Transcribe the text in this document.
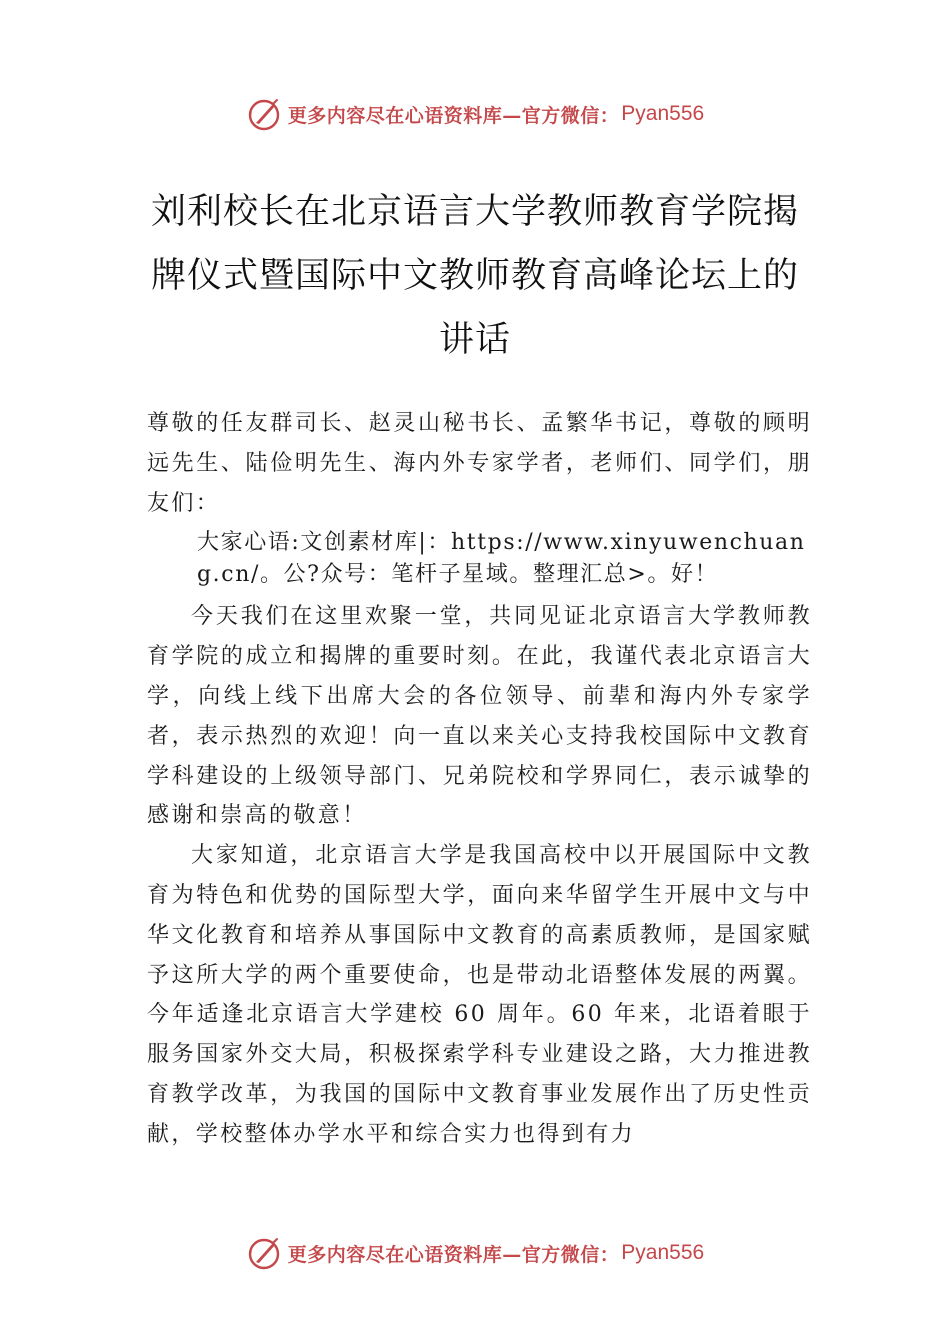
更多内容尽在心语资料库—官方微信： Pyan556
刘利校长在北京语言大学教师教育学院揭牌仪式暨国际中文教师教育高峰论坛上的讲话

尊敬的任友群司长、赵灵山秘书长、孟繁华书记，尊敬的顾明远先生、陆俭明先生、海内外专家学者，老师们、同学们，朋友们：

大家心语:文创素材库|：https://www.xinyuwenchuang.cn/。公?众号：笔杆子星域。整理汇总>。好！

今天我们在这里欢聚一堂，共同见证北京语言大学教师教育学院的成立和揭牌的重要时刻。在此，我谨代表北京语言大学，向线上线下出席大会的各位领导、前辈和海内外专家学者，表示热烈的欢迎！向一直以来关心支持我校国际中文教育学科建设的上级领导部门、兄弟院校和学界同仁，表示诚挚的感谢和崇高的敬意！

大家知道，北京语言大学是我国高校中以开展国际中文教育为特色和优势的国际型大学，面向来华留学生开展中文与中华文化教育和培养从事国际中文教育的高素质教师，是国家赋予这所大学的两个重要使命，也是带动北语整体发展的两翼。今年适逢北京语言大学建校 60 周年。60 年来，北语着眼于服务国家外交大局，积极探索学科专业建设之路，大力推进教育教学改革，为我国的国际中文教育事业发展作出了历史性贡献，学校整体办学水平和综合实力也得到有力

更多内容尽在心语资料库—官方微信： Pyan556
